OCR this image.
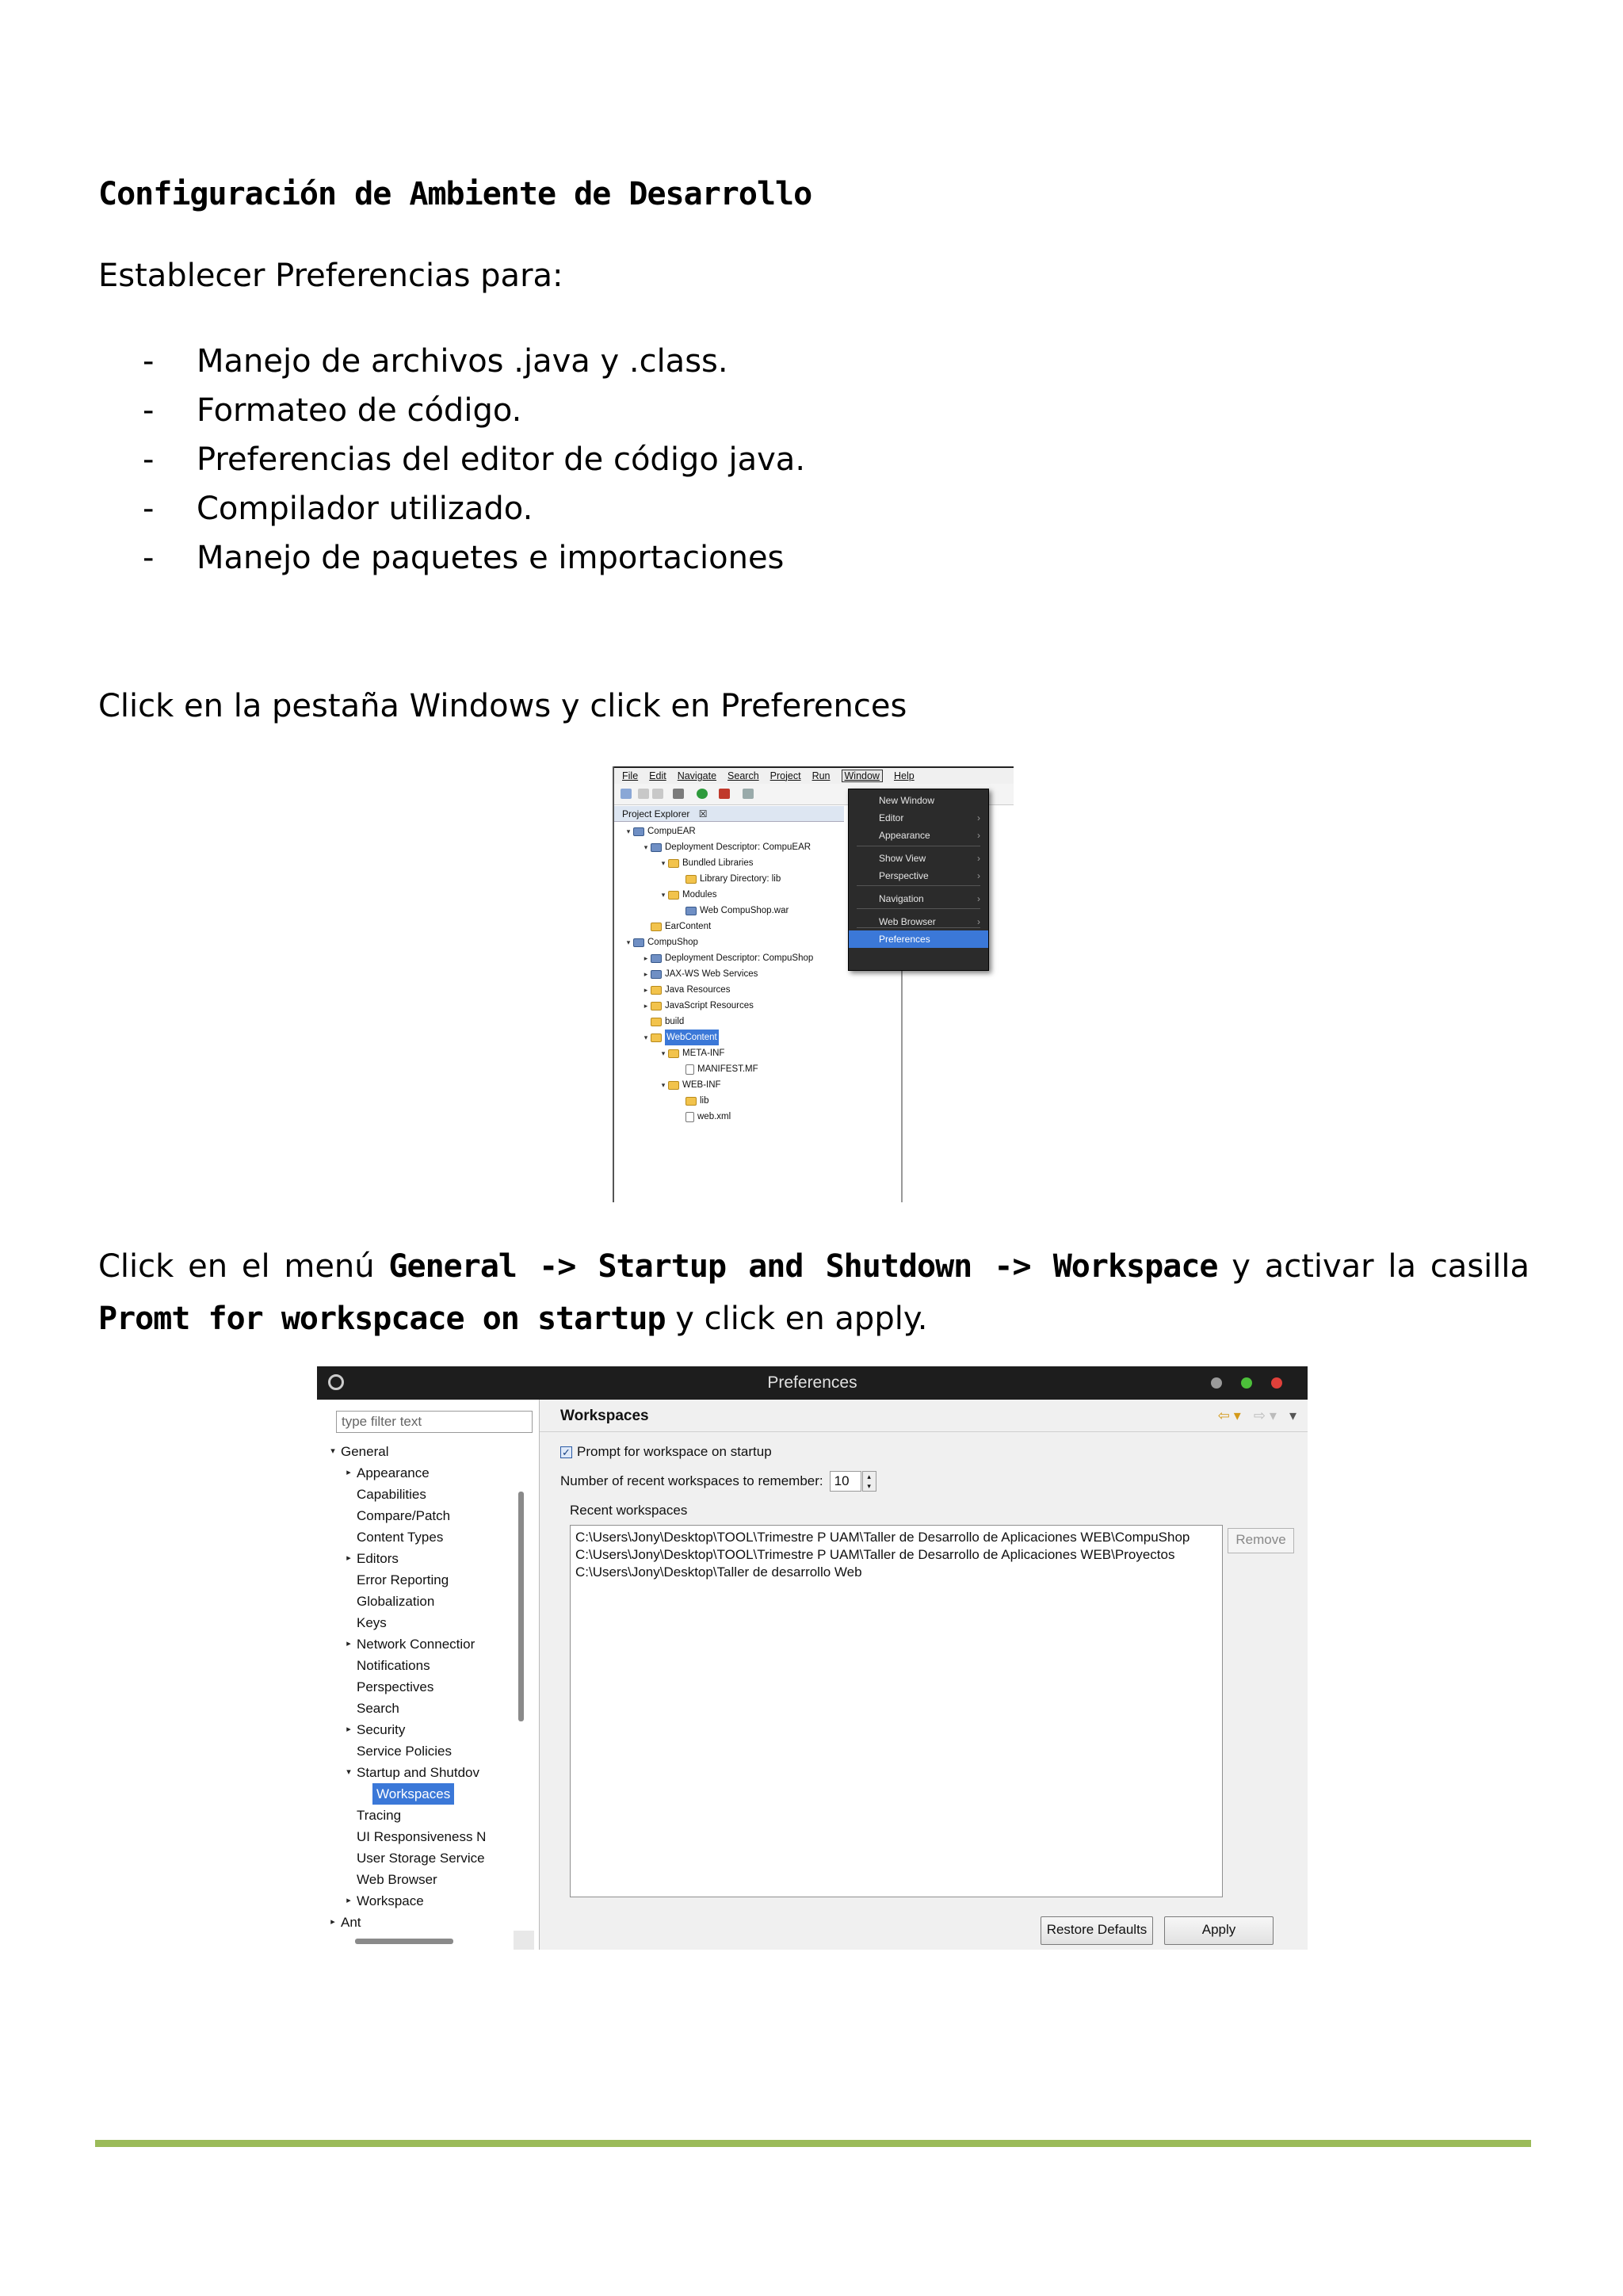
Configuración de Ambiente de Desarrollo
Establecer Preferencias para:
-	Manejo de archivos .java y .class.
-	Formateo de código.
-	Preferencias del editor de código java.
-	Compilador utilizado.
-	Manejo de paquetes e importaciones
Click en la pestaña Windows y click en Preferences
File Edit Navigate Search Project Run	Window	Help
Project Explorer ☒
▾	CompuEAR
▾	Deployment Descriptor: CompuEAR
▾	Bundled Libraries
Library Directory: lib
▾	Modules
Web CompuShop.war
EarContent
▾	CompuShop
▸	Deployment Descriptor: CompuShop
▸	JAX-WS Web Services
▸	Java Resources
▸	JavaScript Resources
build
▾	WebContent
▾	META-INF
MANIFEST.MF
▾	WEB-INF
lib
web.xml
New Window
Editor	›
Appearance	›
Show View	›
Perspective	›
Navigation	›
Web Browser	›
Preferences
Click en el menú General -> Startup and Shutdown -> Workspace y activar la casilla Promt for workspcace on startup y click en apply.
Preferences
type filter text
▾ General
▸ Appearance
Capabilities
Compare/Patch
Content Types
▸ Editors
Error Reporting
Globalization
Keys
▸ Network Connectior
Notifications
Perspectives
Search
▸ Security
Service Policies
▾ Startup and Shutdov
Workspaces
Tracing
UI Responsiveness N
User Storage Service
Web Browser
▸ Workspace
▸ Ant
Workspaces	⇦ ▾ ⇨ ▾ ▾
✓ Prompt for workspace on startup
Number of recent workspaces to remember: 10	▴
▾
Recent workspaces
C:\Users\Jony\Desktop\TOOL\Trimestre P UAM\Taller de Desarrollo de Aplicaciones WEB\CompuShop
C:\Users\Jony\Desktop\TOOL\Trimestre P UAM\Taller de Desarrollo de Aplicaciones WEB\Proyectos
C:\Users\Jony\Desktop\Taller de desarrollo Web
Remove
Restore Defaults	Apply
